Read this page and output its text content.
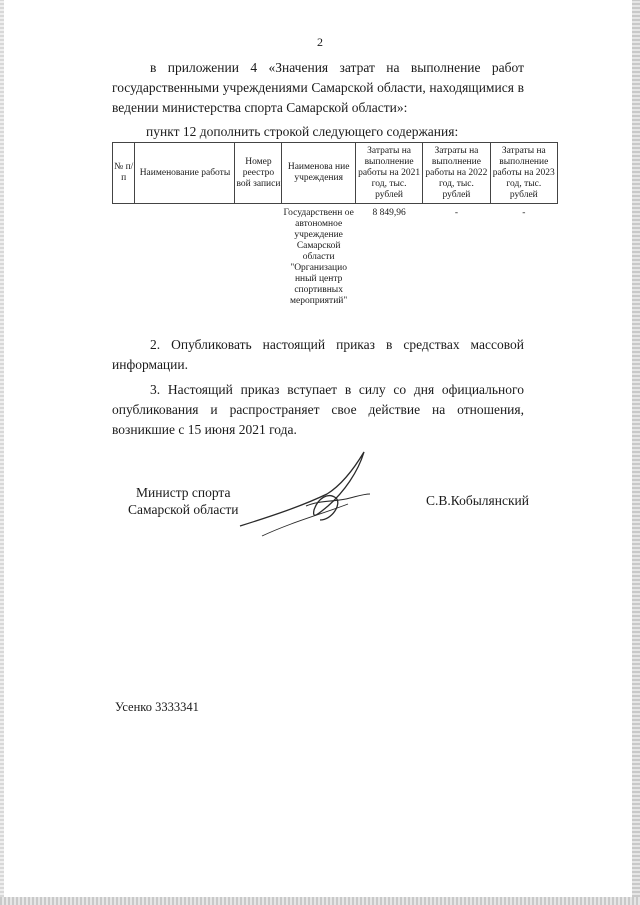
2
в приложении 4 «Значения затрат на выполнение работ государственными учреждениями Самарской области, находящимися в ведении министерства спорта Самарской области»:
пункт 12 дополнить строкой следующего содержания:
№ п/п	Наименование работы	Номер реестро вой записи	Наименова ние учреждения	Затраты на выполнение работы на 2021 год, тыс. рублей	Затраты на выполнение работы на 2022 год, тыс. рублей	Затраты на выполнение работы на 2023 год, тыс. рублей
			Государственн ое автономное учреждение Самарской области "Организацио нный центр спортивных мероприятий"	8 849,96	-	-
2. Опубликовать настоящий приказ в средствах массовой информации.
3. Настоящий приказ вступает в силу со дня официального опубликования и распространяет свое действие на отношения, возникшие с 15 июня 2021 года.
Министр спорта
Самарской области
С.В.Кобылянский
Усенко 3333341
